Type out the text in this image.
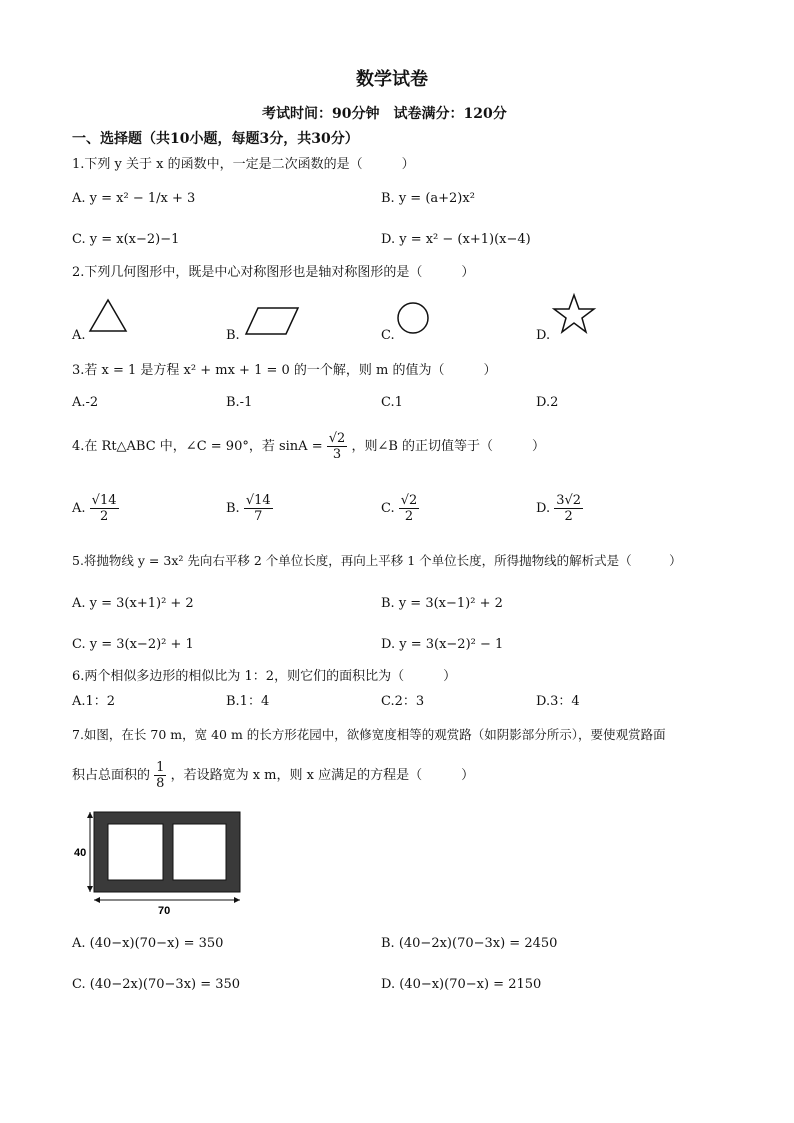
数学试卷
考试时间：90分钟　试卷满分：120分
一、选择题（共10小题，每题3分，共30分）
1.下列 y 关于 x 的函数中，一定是二次函数的是（　　　）
A. y = x² − 1/x + 3	B. y = (a+2)x²
C. y = x(x−2)−1	D. y = x² − (x+1)(x−4)
2.下列几何图形中，既是中心对称图形也是轴对称图形的是（　　　）
A.	B.	C.	D.
3.若 x = 1 是方程 x² + mx + 1 = 0 的一个解，则 m 的值为（　　　）
A.-2	B.-1	C.1	D.2
4.在 Rt△ABC 中，∠C = 90°，若 $\sin A = \frac{√2}{3}$ ，则∠B 的正切值等于（　　　）
A. $\frac{√14}{2}$	B. $\frac{√14}{7}$	C. $\frac{√2}{2}$	D. $\frac{3√2}{2}$
5.将抛物线 y = 3x² 先向右平移 2 个单位长度，再向上平移 1 个单位长度，所得抛物线的解析式是（　　　）
A. y = 3(x+1)² + 2	B. y = 3(x−1)² + 2
C. y = 3(x−2)² + 1	D. y = 3(x−2)² − 1
6.两个相似多边形的相似比为 1：2，则它们的面积比为（　　　）
A.1：2	B.1：4	C.2：3	D.3：4
7.如图，在长 70 m，宽 40 m 的长方形花园中，欲修宽度相等的观赏路（如阴影部分所示），要使观赏路面
积占总面积的 $\frac{1}{8}$ ，若设路宽为 x m，则 x 应满足的方程是（　　　）
40
70
A. (40−x)(70−x) = 350	B. (40−2x)(70−3x) = 2450
C. (40−2x)(70−3x) = 350	D. (40−x)(70−x) = 2150
